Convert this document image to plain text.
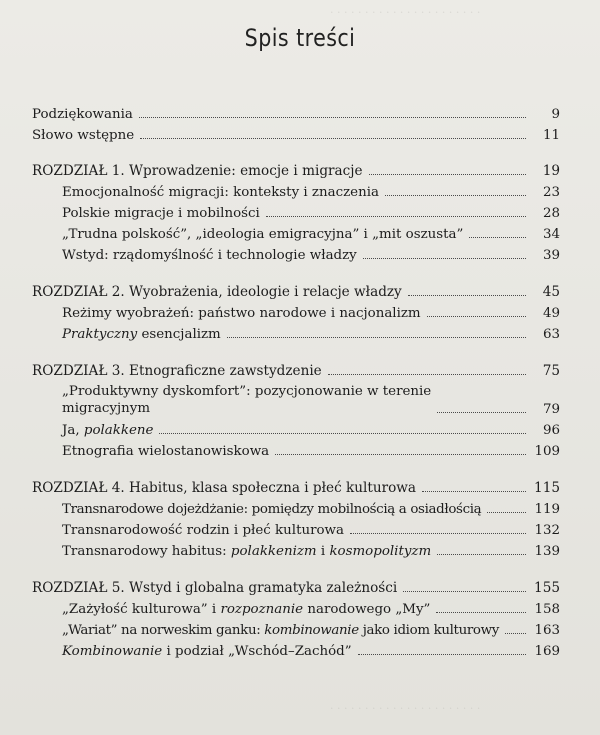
· · · · · · · · · · · · · · · · · · · · · ·
· · · · · · · · · · · · · · · · · · · · · ·
Spis treści
Podziękowania	9
Słowo wstępne	11
ROZDZIAŁ 1. Wprowadzenie: emocje i migracje	19
Emocjonalność migracji: konteksty i znaczenia	23
Polskie migracje i mobilności	28
„Trudna polskość”, „ideologia emigracyjna” i „mit oszusta”	34
Wstyd: rządomyślność i technologie władzy	39
ROZDZIAŁ 2. Wyobrażenia, ideologie i relacje władzy	45
Reżimy wyobrażeń: państwo narodowe i nacjonalizm	49
Praktyczny esencjalizm	63
ROZDZIAŁ 3. Etnograficzne zawstydzenie	75
„Produktywny dyskomfort”: pozycjonowanie w terenie
migracyjnym	79
Ja, polakkene	96
Etnografia wielostanowiskowa	109
ROZDZIAŁ 4. Habitus, klasa społeczna i płeć kulturowa	115
Transnarodowe dojeżdżanie: pomiędzy mobilnością a osiadłością	119
Transnarodowość rodzin i płeć kulturowa	132
Transnarodowy habitus: polakkenizm i kosmopolityzm	139
ROZDZIAŁ 5. Wstyd i globalna gramatyka zależności	155
„Zażyłość kulturowa” i rozpoznanie narodowego „My”	158
„Wariat” na norweskim ganku: kombinowanie jako idiom kulturowy	163
Kombinowanie i podział „Wschód–Zachód”	169
